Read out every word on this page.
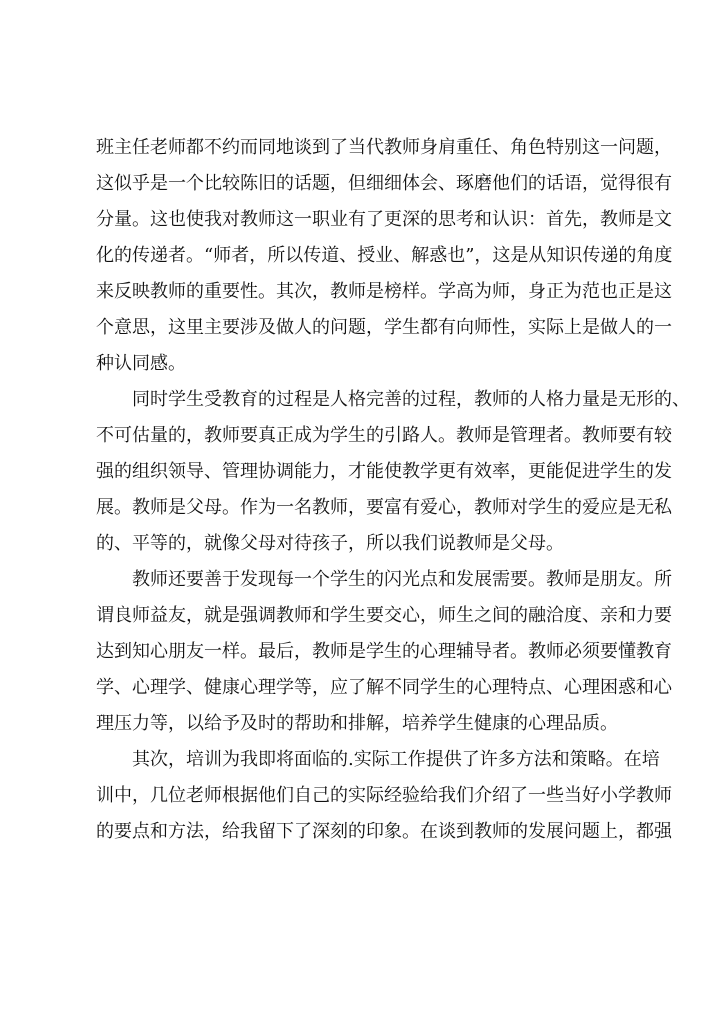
班主任老师都不约而同地谈到了当代教师身肩重任、角色特别这一问题，
这似乎是一个比较陈旧的话题，但细细体会、琢磨他们的话语，觉得很有
分量。这也使我对教师这一职业有了更深的思考和认识：首先，教师是文
化的传递者。“师者，所以传道、授业、解惑也”，这是从知识传递的角度
来反映教师的重要性。其次，教师是榜样。学高为师，身正为范也正是这
个意思，这里主要涉及做人的问题，学生都有向师性，实际上是做人的一
种认同感。
同时学生受教育的过程是人格完善的过程，教师的人格力量是无形的、
不可估量的，教师要真正成为学生的引路人。教师是管理者。教师要有较
强的组织领导、管理协调能力，才能使教学更有效率，更能促进学生的发
展。教师是父母。作为一名教师，要富有爱心，教师对学生的爱应是无私
的、平等的，就像父母对待孩子，所以我们说教师是父母。
教师还要善于发现每一个学生的闪光点和发展需要。教师是朋友。所
谓良师益友，就是强调教师和学生要交心，师生之间的融洽度、亲和力要
达到知心朋友一样。最后，教师是学生的心理辅导者。教师必须要懂教育
学、心理学、健康心理学等，应了解不同学生的心理特点、心理困惑和心
理压力等，以给予及时的帮助和排解，培养学生健康的心理品质。
其次，培训为我即将面临的.实际工作提供了许多方法和策略。在培
训中，几位老师根据他们自己的实际经验给我们介绍了一些当好小学教师
的要点和方法，给我留下了深刻的印象。在谈到教师的发展问题上，都强
